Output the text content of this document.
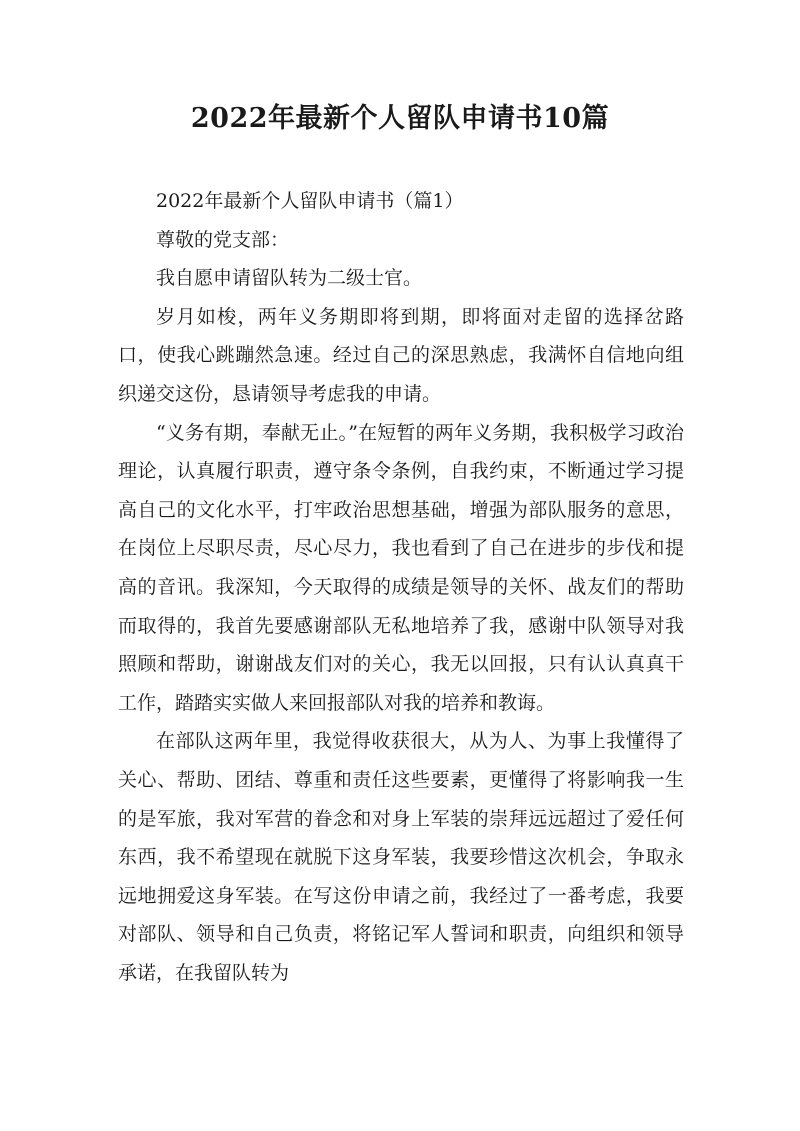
2022年最新个人留队申请书10篇

2022年最新个人留队申请书（篇1）

尊敬的党支部：

我自愿申请留队转为二级士官。

岁月如梭，两年义务期即将到期，即将面对走留的选择岔路口，使我心跳蹦然急速。经过自己的深思熟虑，我满怀自信地向组织递交这份，恳请领导考虑我的申请。

“义务有期，奉献无止。”在短暂的两年义务期，我积极学习政治理论，认真履行职责，遵守条令条例，自我约束，不断通过学习提高自己的文化水平，打牢政治思想基础，增强为部队服务的意思，在岗位上尽职尽责，尽心尽力，我也看到了自己在进步的步伐和提高的音讯。我深知，今天取得的成绩是领导的关怀、战友们的帮助而取得的，我首先要感谢部队无私地培养了我，感谢中队领导对我照顾和帮助，谢谢战友们对的关心，我无以回报，只有认认真真干工作，踏踏实实做人来回报部队对我的培养和教诲。

在部队这两年里，我觉得收获很大，从为人、为事上我懂得了关心、帮助、团结、尊重和责任这些要素，更懂得了将影响我一生的是军旅，我对军营的眷念和对身上军装的崇拜远远超过了爱任何东西，我不希望现在就脱下这身军装，我要珍惜这次机会，争取永远地拥爱这身军装。在写这份申请之前，我经过了一番考虑，我要对部队、领导和自己负责，将铭记军人誓词和职责，向组织和领导承诺，在我留队转为
